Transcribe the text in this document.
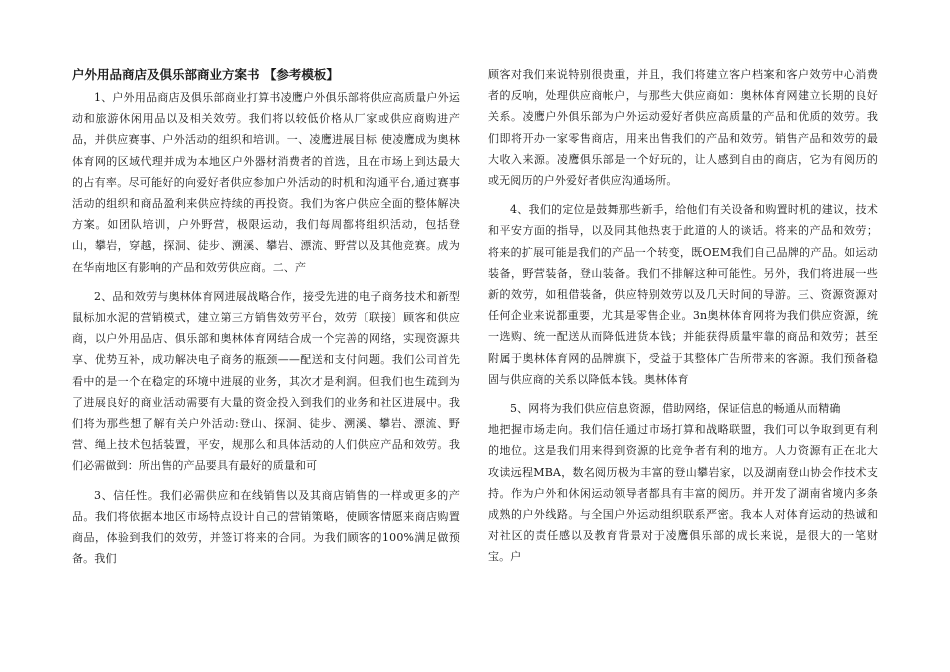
户外用品商店及俱乐部商业方案书 【参考模板】

1、户外用品商店及俱乐部商业打算书凌鹰户外俱乐部将供应高质量户外运动和旅游休闲用品以及相关效劳。我们将以较低价格从厂家或供应商购进产品，并供应赛事、户外活动的组织和培训。一、凌鹰进展目标 使凌鹰成为奥林体育网的区域代理并成为本地区户外器材消费者的首选，且在市场上到达最大的占有率。尽可能好的向爱好者供应参加户外活动的时机和沟通平台,通过赛事活动的组织和商品盈利来供应持续的再投资。我们为客户供应全面的整体解决方案。如团队培训，户外野营，极限运动，我们每周都将组织活动，包括登山，攀岩，穿越，探洞、徒步、溯溪、攀岩、漂流、野营以及其他竞赛。成为在华南地区有影响的产品和效劳供应商。二、产

2、品和效劳与奥林体育网进展战略合作，接受先进的电子商务技术和新型鼠标加水泥的营销模式，建立第三方销售效劳平台，效劳〔联接〕顾客和供应商，以户外用品店、俱乐部和奥林体育网结合成一个完善的网络，实现资源共享、优势互补，成功解决电子商务的瓶颈——配送和支付问题。我们公司首先看中的是一个在稳定的环境中进展的业务，其次才是利润。但我们也生疏到为了进展良好的商业活动需要有大量的资金投入到我们的业务和社区进展中。我们将为那些想了解有关户外活动:登山、探洞、徒步、溯溪、攀岩、漂流、野营、绳上技术包括装置，平安，规那么和具体活动的人们供应产品和效劳。我们必需做到：所出售的产品要具有最好的质量和可

3、信任性。我们必需供应和在线销售以及其商店销售的一样或更多的产品。我们将依据本地区市场特点设计自己的营销策略，使顾客情愿来商店购置商品，体验到我们的效劳，并签订将来的合同。为我们顾客的100%满足做预备。我们

顾客对我们来说特别很贵重，并且，我们将建立客户档案和客户效劳中心消费者的反响，处理供应商帐户，与那些大供应商如：奥林体育网建立长期的良好关系。凌鹰户外俱乐部为户外运动爱好者供应高质量的产品和优质的效劳。我们即将开办一家零售商店，用来出售我们的产品和效劳。销售产品和效劳的最大收入来源。凌鹰俱乐部是一个好玩的，让人感到自由的商店，它为有阅历的或无阅历的户外爱好者供应沟通场所。

4、我们的定位是鼓舞那些新手，给他们有关设备和购置时机的建议，技术和平安方面的指导，以及同其他热衷于此道的人的谈话。将来的产品和效劳；将来的扩展可能是我们的产品一个转变，既OEM我们自己品牌的产品。如运动装备，野营装备，登山装备。我们不排解这种可能性。另外，我们将进展一些新的效劳，如租借装备，供应特别效劳以及几天时间的导游。三、资源资源对任何企业来说都重要，尤其是零售企业。3n奥林体育网将为我们供应资源，统一选购、统一配送从而降低进货本钱；并能获得质量牢靠的商品和效劳；甚至附属于奥林体育网的品牌旗下，受益于其整体广告所带来的客源。我们预备稳固与供应商的关系以降低本钱。奥林体育

5、网将为我们供应信息资源，借助网络，保证信息的畅通从而精确

地把握市场走向。我们信任通过市场打算和战略联盟，我们可以争取到更有利的地位。这是我们用来得到资源的比竞争者有利的地方。人力资源有正在北大攻读远程MBA，数名阅历极为丰富的登山攀岩家，以及湖南登山协会作技术支持。作为户外和休闲运动领导者都具有丰富的阅历。并开发了湖南省境内多条成熟的户外线路。与全国户外运动组织联系严密。我本人对体育运动的热诚和对社区的责任感以及教育背景对于凌鹰俱乐部的成长来说，是很大的一笔财宝。户
